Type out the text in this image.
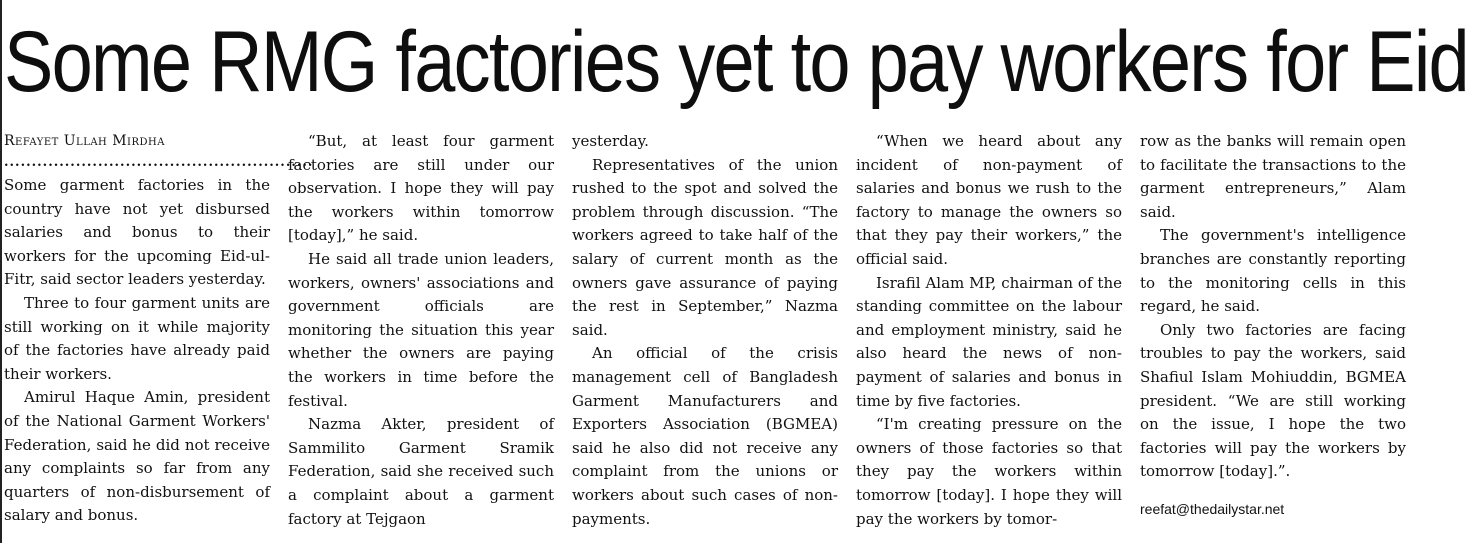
Some RMG factories yet to pay workers for Eid
Refayet Ullah Mirdha
........................................................

Some garment factories in the country have not yet disbursed salaries and bonus to their workers for the upcoming Eid-ul-Fitr, said sector leaders yesterday.

Three to four garment units are still working on it while majority of the factories have already paid their workers.

Amirul Haque Amin, president of the National Garment Workers' Federation, said he did not receive any complaints so far from any quarters of non-disbursement of salary and bonus.

“But, at least four garment factories are still under our observation. I hope they will pay the workers within tomorrow [today],” he said.

He said all trade union leaders, workers, owners' associations and government officials are monitoring the situation this year whether the owners are paying the workers in time before the festival.

Nazma Akter, president of Sammilito Garment Sramik Federation, said she received such a complaint about a garment factory at Tejgaon

yesterday.

Representatives of the union rushed to the spot and solved the problem through discussion. “The workers agreed to take half of the salary of current month as the owners gave assurance of paying the rest in September,” Nazma said.

An official of the crisis management cell of Bangladesh Garment Manufacturers and Exporters Association (BGMEA) said he also did not receive any complaint from the unions or workers about such cases of non-payments.

“When we heard about any incident of non-payment of salaries and bonus we rush to the factory to manage the owners so that they pay their workers,” the official said.

Israfil Alam MP, chairman of the standing committee on the labour and employment ministry, said he also heard the news of non-payment of salaries and bonus in time by five factories.

“I'm creating pressure on the owners of those factories so that they pay the workers within tomorrow [today]. I hope they will pay the workers by tomor-

row as the banks will remain open to facilitate the transactions to the garment entrepreneurs,” Alam said.

The government's intelligence branches are constantly reporting to the monitoring cells in this regard, he said.

Only two factories are facing troubles to pay the workers, said Shafiul Islam Mohiuddin, BGMEA president. “We are still working on the issue, I hope the two factories will pay the workers by tomorrow [today].”.

reefat@thedailystar.net
